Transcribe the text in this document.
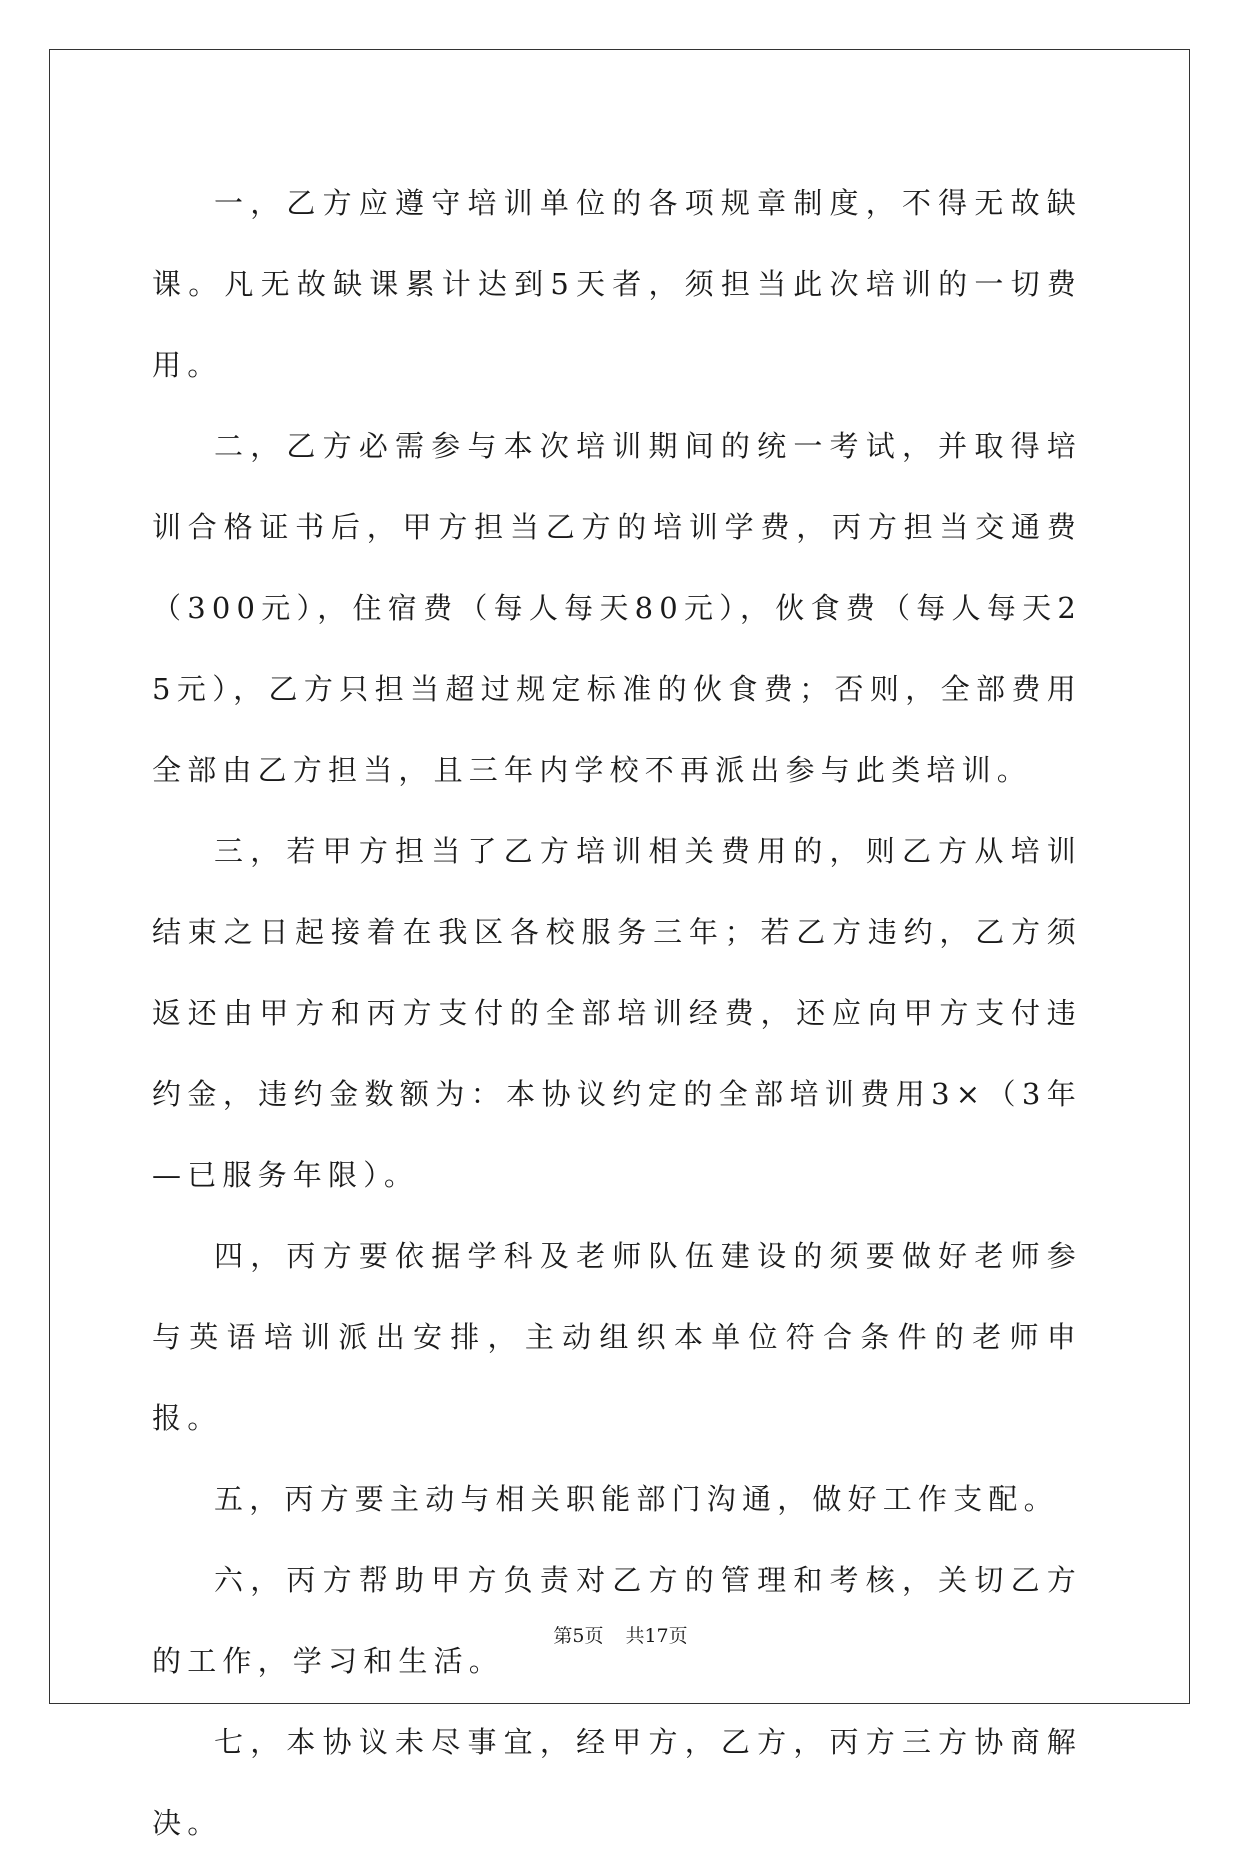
一，乙方应遵守培训单位的各项规章制度，不得无故缺课。凡无故缺课累计达到5天者，须担当此次培训的一切费用。

二，乙方必需参与本次培训期间的统一考试，并取得培训合格证书后，甲方担当乙方的培训学费，丙方担当交通费（300元），住宿费（每人每天80元），伙食费（每人每天25元），乙方只担当超过规定标准的伙食费；否则，全部费用全部由乙方担当，且三年内学校不再派出参与此类培训。

三，若甲方担当了乙方培训相关费用的，则乙方从培训结束之日起接着在我区各校服务三年；若乙方违约，乙方须返还由甲方和丙方支付的全部培训经费，还应向甲方支付违约金，违约金数额为：本协议约定的全部培训费用3×（3年—已服务年限）。

四，丙方要依据学科及老师队伍建设的须要做好老师参与英语培训派出安排，主动组织本单位符合条件的老师申报。

五，丙方要主动与相关职能部门沟通，做好工作支配。

六，丙方帮助甲方负责对乙方的管理和考核，关切乙方的工作，学习和生活。

七，本协议未尽事宜，经甲方，乙方，丙方三方协商解决。

第5页 共17页
